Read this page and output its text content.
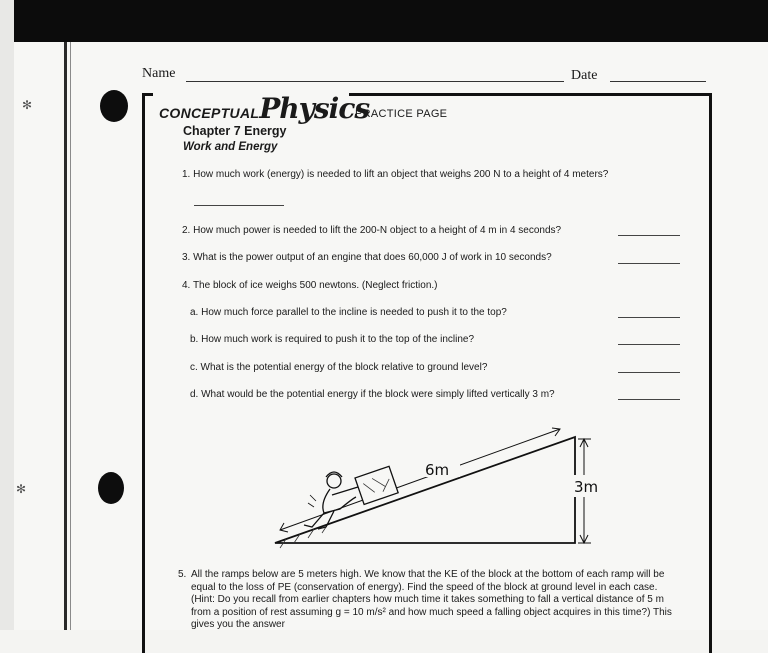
✻
✻
Name	Date
CONCEPTUALPhysics
PRACTICE PAGE
Chapter 7 Energy
Work and Energy
1. How much work (energy) is needed to lift an object that weighs 200 N to a height of 4 meters?
2. How much power is needed to lift the 200-N object to a height of 4 m in 4 seconds?
3. What is the power output of an engine that does 60,000 J of work in 10 seconds?
4. The block of ice weighs 500 newtons. (Neglect friction.)
a. How much force parallel to the incline is needed to push it to the top?
b. How much work is required to push it to the top of the incline?
c. What is the potential energy of the block relative to ground level?
d. What would be the potential energy if the block were simply lifted vertically 3 m?
6m
3m
5. All the ramps below are 5 meters high. We know that the KE of the block at the bottom of each ramp will be equal to the loss of PE (conservation of energy). Find the speed of the block at ground level in each case. (Hint: Do you recall from earlier chapters how much time it takes something to fall a vertical distance of 5 m from a position of rest assuming g = 10 m/s² and how much speed a falling object acquires in this time?) This gives you the answer
